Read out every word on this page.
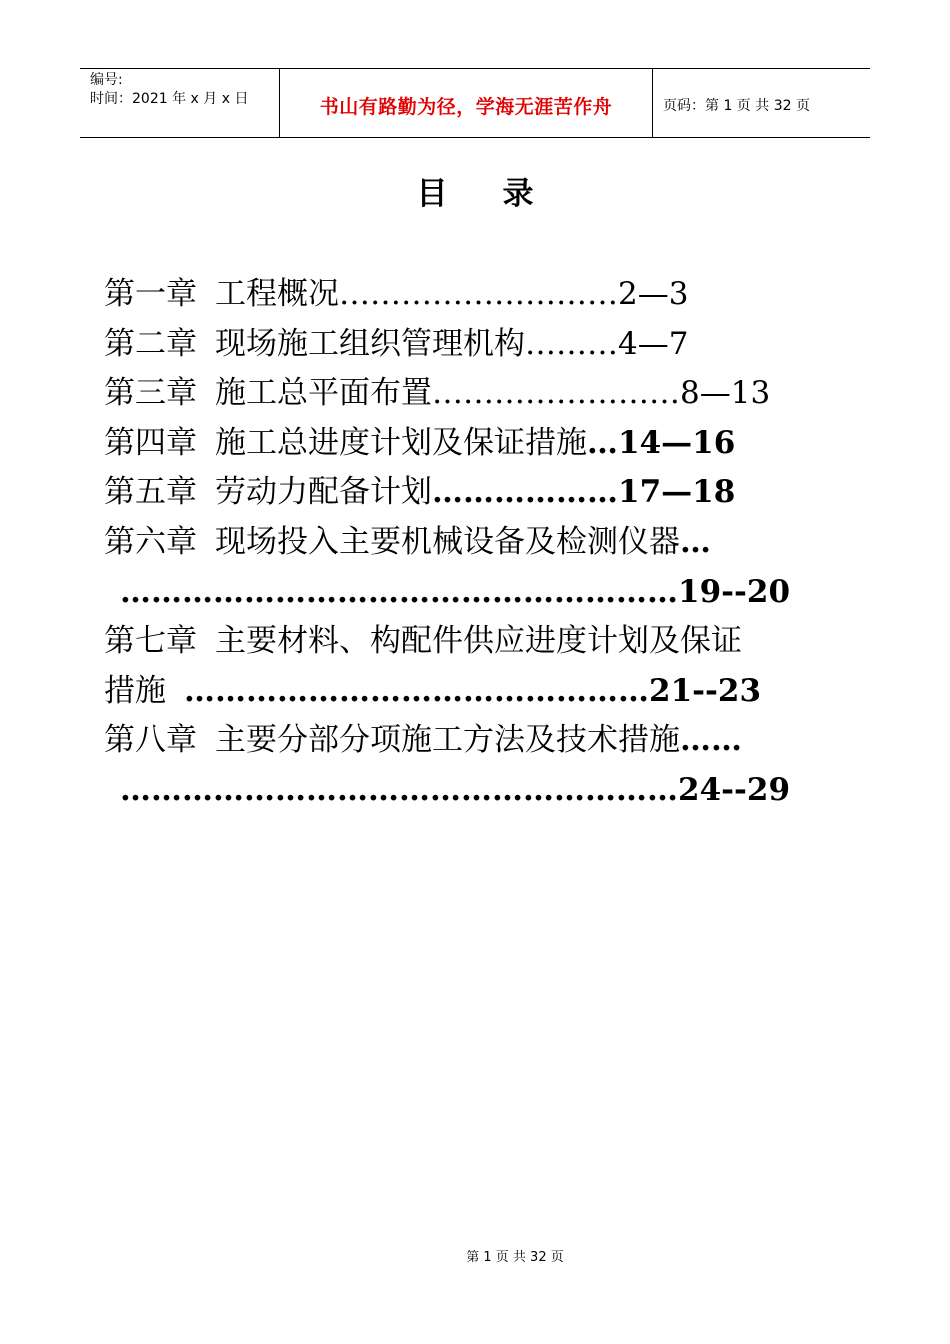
编号:
时间：2021 年 x 月 x 日	书山有路勤为径，学海无涯苦作舟	页码：第 1 页 共 32 页
目录
第一章 工程概况………………………2—3
第二章 现场施工组织管理机构………4—7
第三章 施工总平面布置……………………8—13
第四章 施工总进度计划及保证措施…14—16
第五章 劳动力配备计划………………17—18
第六章 现场投入主要机械设备及检测仪器…
………………………………………………19--20
第七章 主要材料、构配件供应进度计划及保证
措施 ………………………………………21--23
第八章 主要分部分项施工方法及技术措施……
………………………………………………24--29
第 1 页 共 32 页
